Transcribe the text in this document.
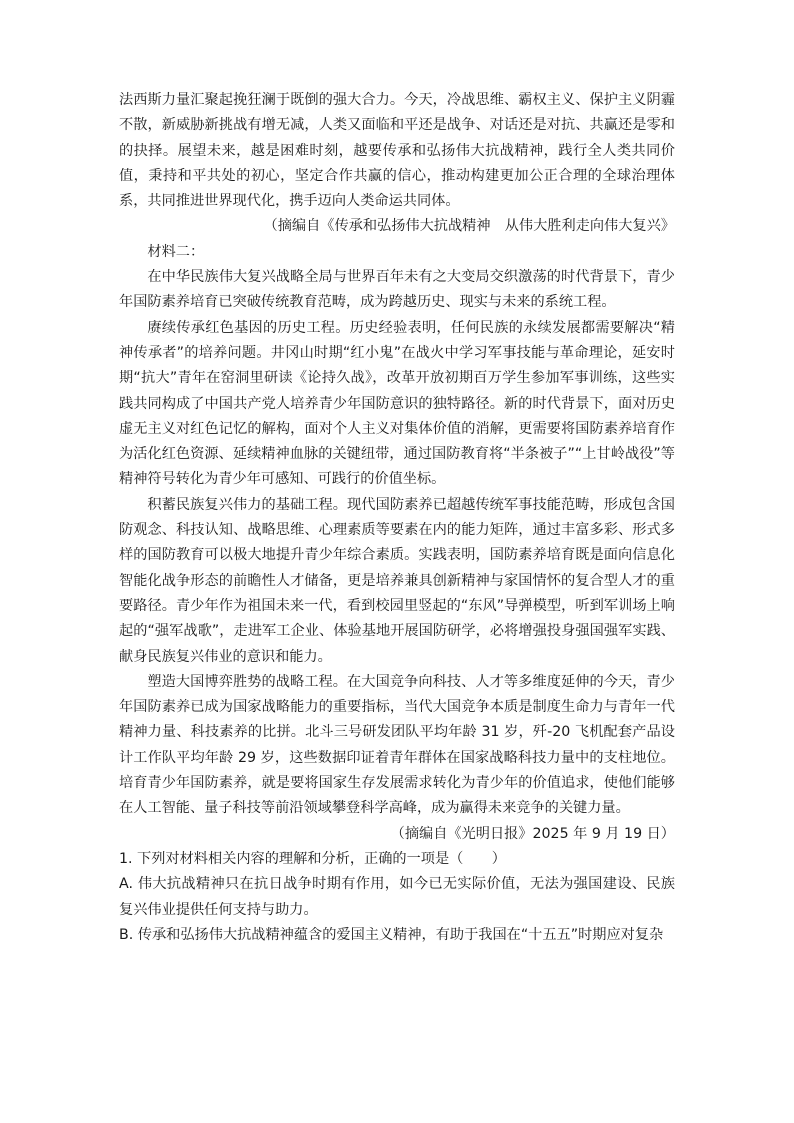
法西斯力量汇聚起挽狂澜于既倒的强大合力。今天，冷战思维、霸权主义、保护主义阴霾不散，新威胁新挑战有增无减，人类又面临和平还是战争、对话还是对抗、共赢还是零和的抉择。展望未来，越是困难时刻，越要传承和弘扬伟大抗战精神，践行全人类共同价值，秉持和平共处的初心，坚定合作共赢的信心，推动构建更加公正合理的全球治理体系，共同推进世界现代化，携手迈向人类命运共同体。

（摘编自《传承和弘扬伟大抗战精神　从伟大胜利走向伟大复兴》

材料二：

在中华民族伟大复兴战略全局与世界百年未有之大变局交织激荡的时代背景下，青少年国防素养培育已突破传统教育范畴，成为跨越历史、现实与未来的系统工程。

赓续传承红色基因的历史工程。历史经验表明，任何民族的永续发展都需要解决“精神传承者”的培养问题。井冈山时期“红小鬼”在战火中学习军事技能与革命理论，延安时期“抗大”青年在窑洞里研读《论持久战》，改革开放初期百万学生参加军事训练，这些实践共同构成了中国共产党人培养青少年国防意识的独特路径。新的时代背景下，面对历史虚无主义对红色记忆的解构，面对个人主义对集体价值的消解，更需要将国防素养培育作为活化红色资源、延续精神血脉的关键纽带，通过国防教育将“半条被子”“上甘岭战役”等精神符号转化为青少年可感知、可践行的价值坐标。

积蓄民族复兴伟力的基础工程。现代国防素养已超越传统军事技能范畴，形成包含国防观念、科技认知、战略思维、心理素质等要素在内的能力矩阵，通过丰富多彩、形式多样的国防教育可以极大地提升青少年综合素质。实践表明，国防素养培育既是面向信息化智能化战争形态的前瞻性人才储备，更是培养兼具创新精神与家国情怀的复合型人才的重要路径。青少年作为祖国未来一代，看到校园里竖起的“东风”导弹模型，听到军训场上响起的“强军战歌”，走进军工企业、体验基地开展国防研学，必将增强投身强国强军实践、献身民族复兴伟业的意识和能力。

塑造大国博弈胜势的战略工程。在大国竞争向科技、人才等多维度延伸的今天，青少年国防素养已成为国家战略能力的重要指标，当代大国竞争本质是制度生命力与青年一代精神力量、科技素养的比拼。北斗三号研发团队平均年龄 31 岁，歼-20 飞机配套产品设计工作队平均年龄 29 岁，这些数据印证着青年群体在国家战略科技力量中的支柱地位。培育青少年国防素养，就是要将国家生存发展需求转化为青少年的价值追求，使他们能够在人工智能、量子科技等前沿领域攀登科学高峰，成为赢得未来竞争的关键力量。

（摘编自《光明日报》2025 年 9 月 19 日）

1. 下列对材料相关内容的理解和分析，正确的一项是（　　）

A. 伟大抗战精神只在抗日战争时期有作用，如今已无实际价值，无法为强国建设、民族复兴伟业提供任何支持与助力。

B. 传承和弘扬伟大抗战精神蕴含的爱国主义精神，有助于我国在“十五五”时期应对复杂
